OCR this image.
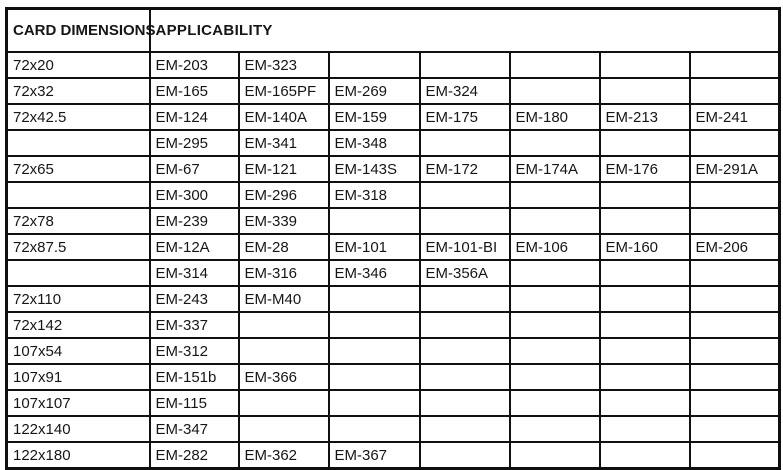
CARD DIMENSIONS	APPLICABILITY						
72x20	EM-203	EM-323					
72x32	EM-165	EM-165PF	EM-269	EM-324			
72x42.5	EM-124	EM-140A	EM-159	EM-175	EM-180	EM-213	EM-241
	EM-295	EM-341	EM-348				
72x65	EM-67	EM-121	EM-143S	EM-172	EM-174A	EM-176	EM-291A
	EM-300	EM-296	EM-318				
72x78	EM-239	EM-339					
72x87.5	EM-12A	EM-28	EM-101	EM-101-BI	EM-106	EM-160	EM-206
	EM-314	EM-316	EM-346	EM-356A			
72x110	EM-243	EM-M40					
72x142	EM-337						
107x54	EM-312						
107x91	EM-151b	EM-366					
107x107	EM-115						
122x140	EM-347						
122x180	EM-282	EM-362	EM-367				
